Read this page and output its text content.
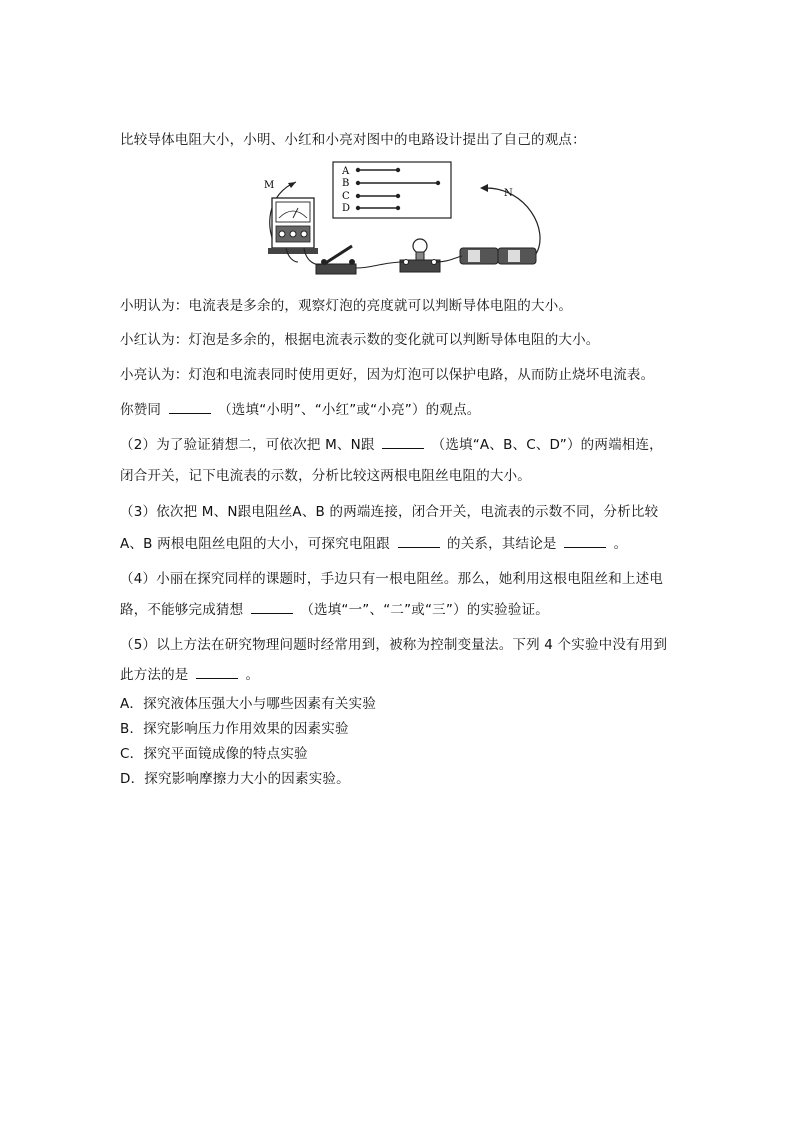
比较导体电阻大小，小明、小红和小亮对图中的电路设计提出了自己的观点：
A
B
C
D
M
N
小明认为：电流表是多余的，观察灯泡的亮度就可以判断导体电阻的大小。
小红认为：灯泡是多余的，根据电流表示数的变化就可以判断导体电阻的大小。
小亮认为：灯泡和电流表同时使用更好，因为灯泡可以保护电路，从而防止烧坏电流表。
你赞同	（选填“小明”、“小红”或“小亮”）的观点。
（2）为了验证猜想二，可依次把 M、N跟	（选填“A、B、C、D”）的两端相连，
闭合开关，记下电流表的示数，分析比较这两根电阻丝电阻的大小。
（3）依次把 M、N跟电阻丝A、B 的两端连接，闭合开关，电流表的示数不同，分析比较
A、B 两根电阻丝电阻的大小，可探究电阻跟	的关系，其结论是	。
（4）小丽在探究同样的课题时，手边只有一根电阻丝。那么，她利用这根电阻丝和上述电
路，不能够完成猜想	（选填“一”、“二”或“三”）的实验验证。
（5）以上方法在研究物理问题时经常用到，被称为控制变量法。下列 4 个实验中没有用到
此方法的是	。
A．探究液体压强大小与哪些因素有关实验
B．探究影响压力作用效果的因素实验
C．探究平面镜成像的特点实验
D．探究影响摩擦力大小的因素实验。
